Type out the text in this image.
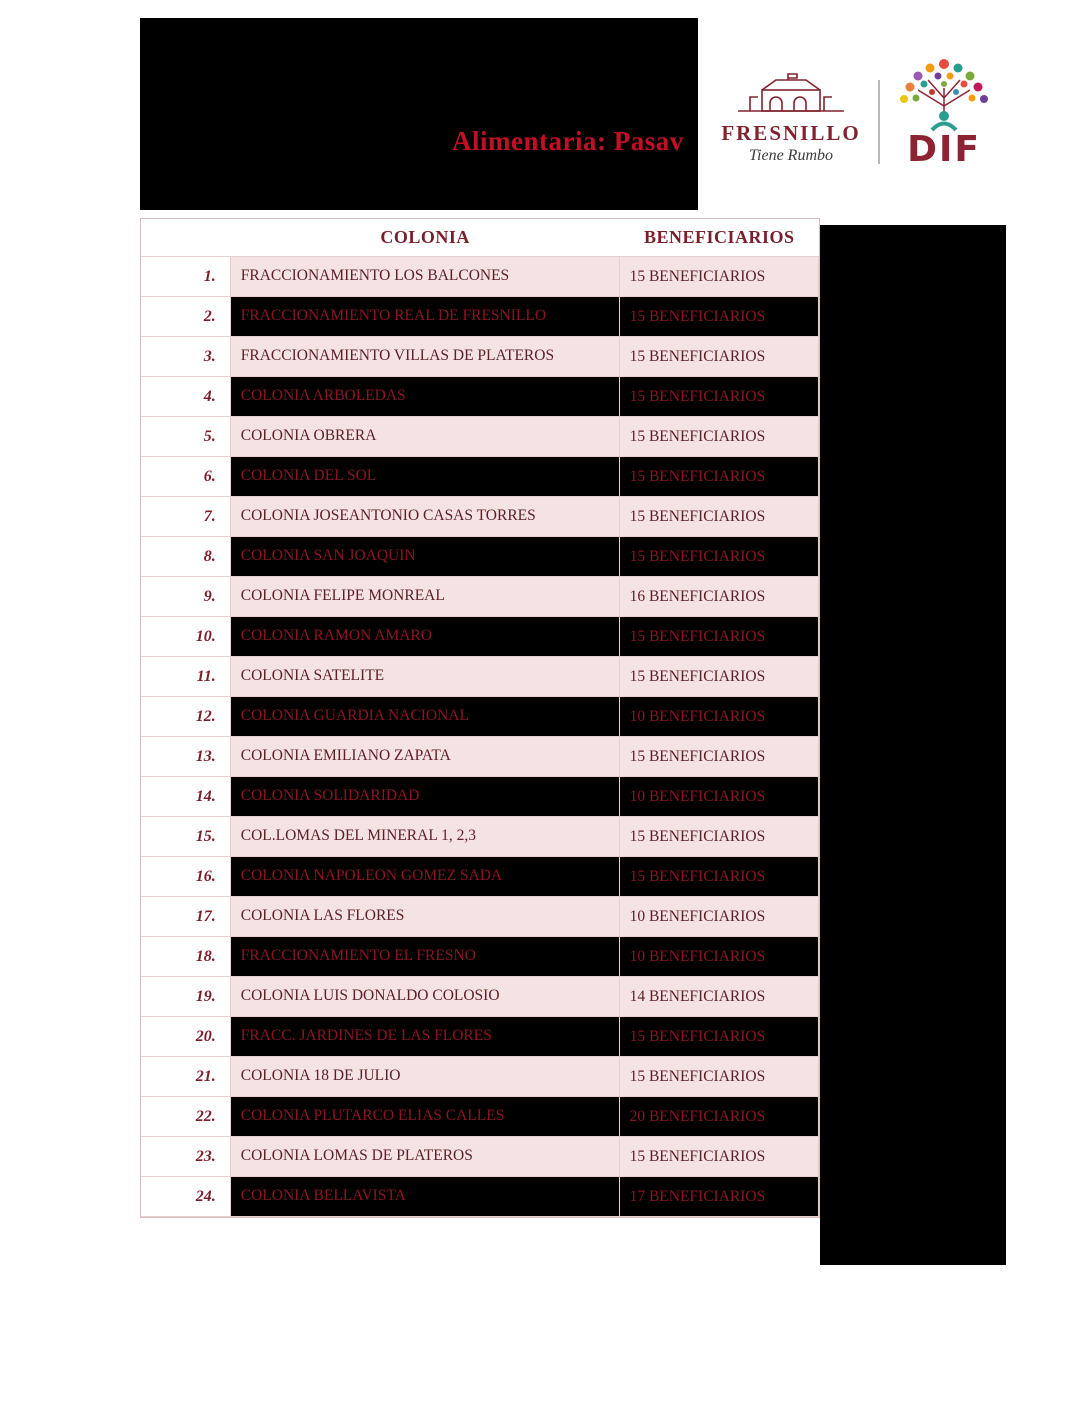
Alimentaria: Pasav	FRESNILLO
Tiene Rumbo	DIF
COLONIA	BENEFICIARIOS
1.	FRACCIONAMIENTO LOS BALCONES	15 BENEFICIARIOS
2.	FRACCIONAMIENTO REAL DE FRESNILLO	15 BENEFICIARIOS
3.	FRACCIONAMIENTO VILLAS DE PLATEROS	15 BENEFICIARIOS
4.	COLONIA ARBOLEDAS	15 BENEFICIARIOS
5.	COLONIA OBRERA	15 BENEFICIARIOS
6.	COLONIA DEL SOL	15 BENEFICIARIOS
7.	COLONIA JOSEANTONIO CASAS TORRES	15 BENEFICIARIOS
8.	COLONIA SAN JOAQUIN	15 BENEFICIARIOS
9.	COLONIA FELIPE MONREAL	16 BENEFICIARIOS
10.	COLONIA RAMON AMARO	15 BENEFICIARIOS
11.	COLONIA SATELITE	15 BENEFICIARIOS
12.	COLONIA GUARDIA NACIONAL	10 BENEFICIARIOS
13.	COLONIA EMILIANO ZAPATA	15 BENEFICIARIOS
14.	COLONIA SOLIDARIDAD	10 BENEFICIARIOS
15.	COL.LOMAS DEL MINERAL 1, 2,3	15 BENEFICIARIOS
16.	COLONIA NAPOLEON GOMEZ SADA	15 BENEFICIARIOS
17.	COLONIA LAS FLORES	10 BENEFICIARIOS
18.	FRACCIONAMIENTO EL FRESNO	10 BENEFICIARIOS
19.	COLONIA LUIS DONALDO COLOSIO	14 BENEFICIARIOS
20.	FRACC. JARDINES DE LAS FLORES	15 BENEFICIARIOS
21.	COLONIA 18 DE JULIO	15 BENEFICIARIOS
22.	COLONIA PLUTARCO ELIAS CALLES	20 BENEFICIARIOS
23.	COLONIA LOMAS DE PLATEROS	15 BENEFICIARIOS
24.	COLONIA BELLAVISTA	17 BENEFICIARIOS
